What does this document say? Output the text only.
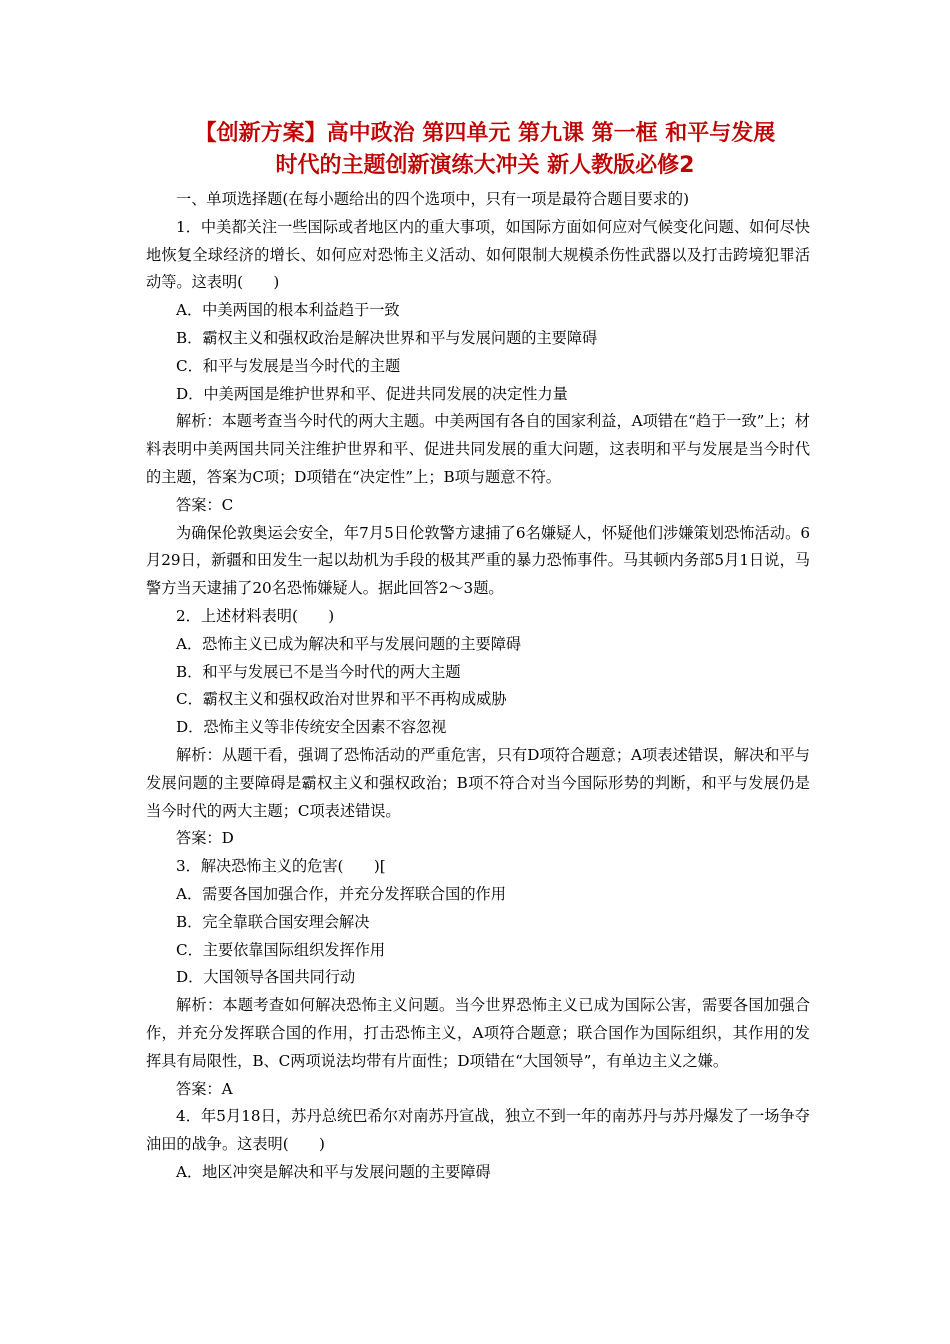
【创新方案】高中政治 第四单元 第九课 第一框 和平与发展
时代的主题创新演练大冲关 新人教版必修2

一、单项选择题(在每小题给出的四个选项中，只有一项是最符合题目要求的)

1．中美都关注一些国际或者地区内的重大事项，如国际方面如何应对气候变化问题、如何尽快地恢复全球经济的增长、如何应对恐怖主义活动、如何限制大规模杀伤性武器以及打击跨境犯罪活动等。这表明(　　)

A．中美两国的根本利益趋于一致

B．霸权主义和强权政治是解决世界和平与发展问题的主要障碍

C．和平与发展是当今时代的主题

D．中美两国是维护世界和平、促进共同发展的决定性力量

解析：本题考查当今时代的两大主题。中美两国有各自的国家利益，A项错在“趋于一致”上；材料表明中美两国共同关注维护世界和平、促进共同发展的重大问题，这表明和平与发展是当今时代的主题，答案为C项；D项错在“决定性”上；B项与题意不符。

答案：C

为确保伦敦奥运会安全，年7月5日伦敦警方逮捕了6名嫌疑人，怀疑他们涉嫌策划恐怖活动。6月29日，新疆和田发生一起以劫机为手段的极其严重的暴力恐怖事件。马其顿内务部5月1日说，马警方当天逮捕了20名恐怖嫌疑人。据此回答2～3题。

2．上述材料表明(　　)

A．恐怖主义已成为解决和平与发展问题的主要障碍

B．和平与发展已不是当今时代的两大主题

C．霸权主义和强权政治对世界和平不再构成威胁

D．恐怖主义等非传统安全因素不容忽视

解析：从题干看，强调了恐怖活动的严重危害，只有D项符合题意；A项表述错误，解决和平与发展问题的主要障碍是霸权主义和强权政治；B项不符合对当今国际形势的判断，和平与发展仍是当今时代的两大主题；C项表述错误。

答案：D

3．解决恐怖主义的危害(　　)[

A．需要各国加强合作，并充分发挥联合国的作用

B．完全靠联合国安理会解决

C．主要依靠国际组织发挥作用

D．大国领导各国共同行动

解析：本题考查如何解决恐怖主义问题。当今世界恐怖主义已成为国际公害，需要各国加强合作，并充分发挥联合国的作用，打击恐怖主义，A项符合题意；联合国作为国际组织，其作用的发挥具有局限性，B、C两项说法均带有片面性；D项错在“大国领导”，有单边主义之嫌。

答案：A

4．年5月18日，苏丹总统巴希尔对南苏丹宣战，独立不到一年的南苏丹与苏丹爆发了一场争夺油田的战争。这表明(　　)

A．地区冲突是解决和平与发展问题的主要障碍
